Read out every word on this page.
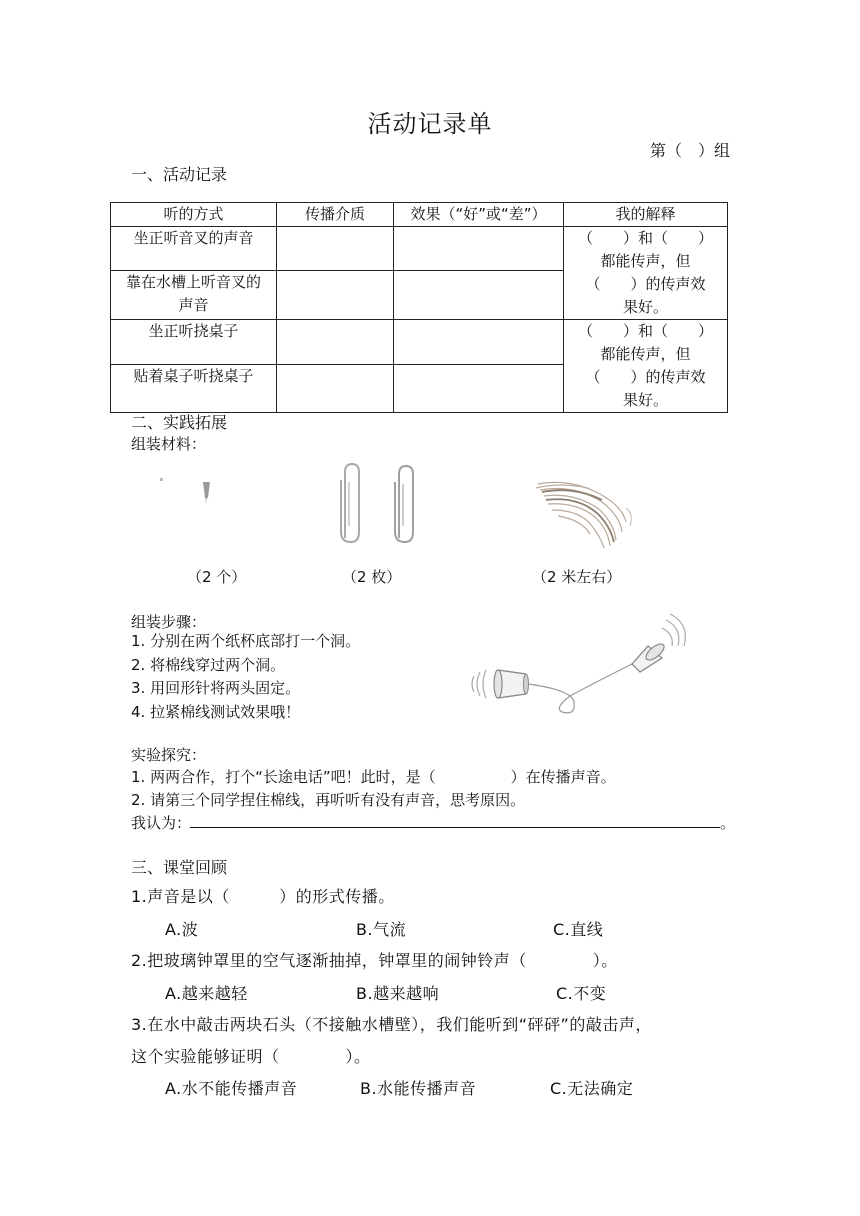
活动记录单
第（　）组
一、活动记录
听的方式	传播介质	效果（“好”或“差”）	我的解释
坐正听音叉的声音			（　　）和（　　）
都能传声，但
（　　）的传声效
果好。

靠在水槽上听音叉的声音			
坐正听挠桌子			（　　）和（　　）
都能传声，但
（　　）的传声效
果好。

贴着桌子听挠桌子			
二、实践拓展
组装材料：
（2 个）	（2 枚）	（2 米左右）
组装步骤：
1. 分别在两个纸杯底部打一个洞。
2. 将棉线穿过两个洞。
3. 用回形针将两头固定。
4. 拉紧棉线测试效果哦！
实验探究：
1. 两两合作，打个“长途电话”吧！此时，是（　　　　　）在传播声音。
2. 请第三个同学捏住棉线，再听听有没有声音，思考原因。
我认为：	。
三、课堂回顾
1.声音是以（　　　）的形式传播。
A.波	B.气流	C.直线
2.把玻璃钟罩里的空气逐渐抽掉，钟罩里的闹钟铃声（　　　　）。
A.越来越轻	B.越来越响	C.不变
3.在水中敲击两块石头（不接触水槽壁），我们能听到“砰砰”的敲击声，
这个实验能够证明（　　　　）。
A.水不能传播声音	B.水能传播声音	C.无法确定
